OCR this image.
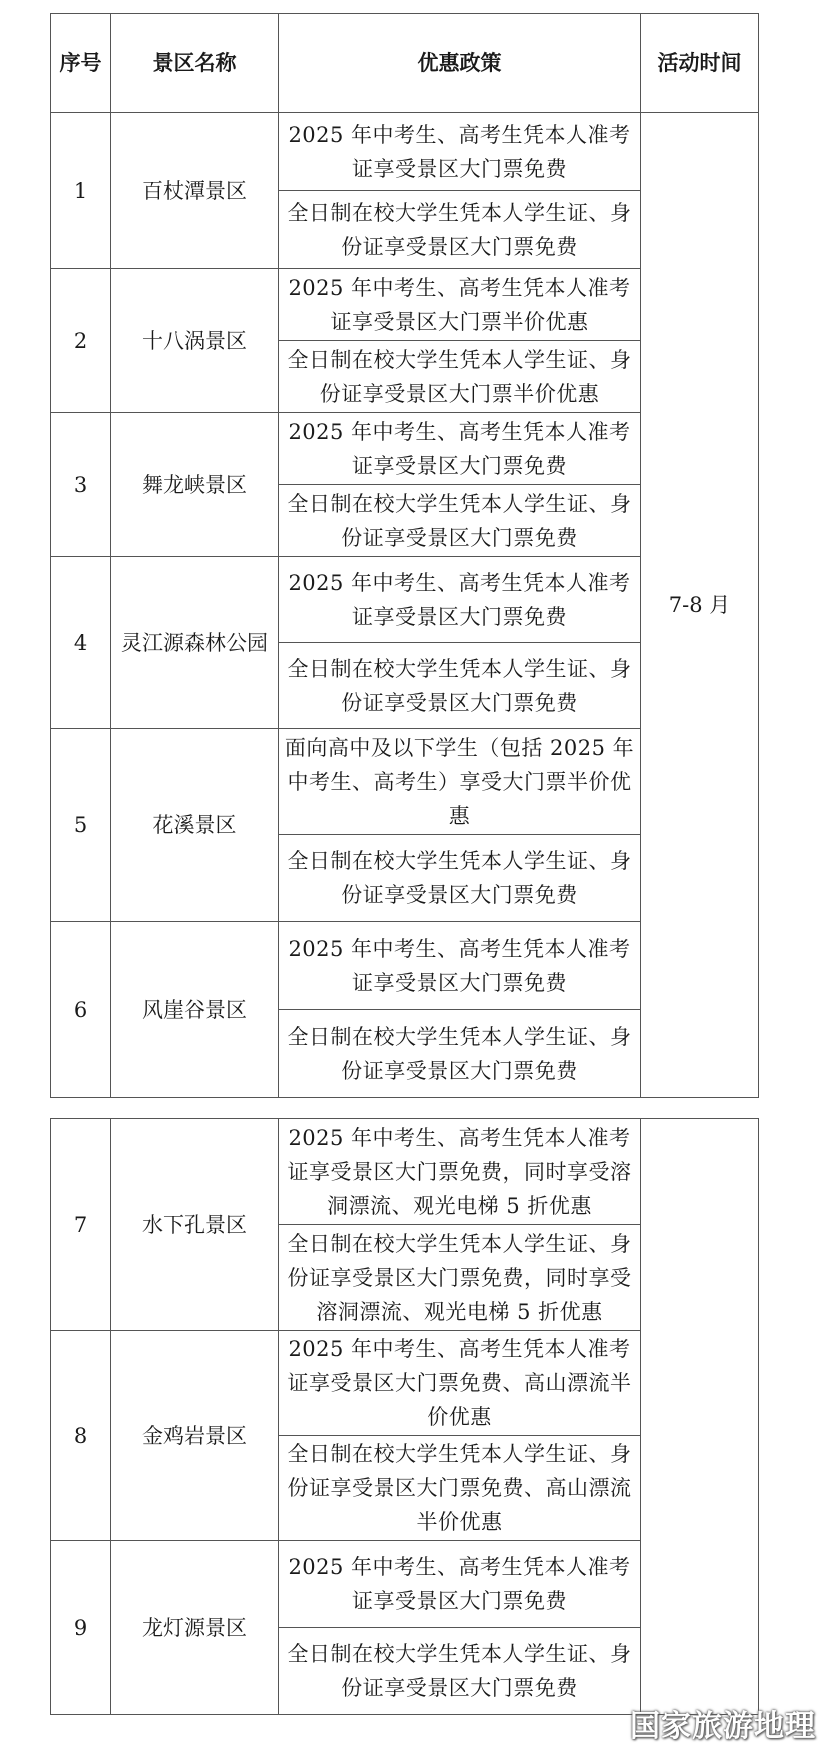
序号	景区名称	优惠政策	活动时间
1	百杖潭景区	2025 年中考生、高考生凭本人准考证享受景区大门票免费	7-8 月
		全日制在校大学生凭本人学生证、身份证享受景区大门票免费	
2	十八涡景区	2025 年中考生、高考生凭本人准考证享受景区大门票半价优惠	
		全日制在校大学生凭本人学生证、身份证享受景区大门票半价优惠	
3	舞龙峡景区	2025 年中考生、高考生凭本人准考证享受景区大门票免费	
		全日制在校大学生凭本人学生证、身份证享受景区大门票免费	
4	灵江源森林公园	2025 年中考生、高考生凭本人准考证享受景区大门票免费	
		全日制在校大学生凭本人学生证、身份证享受景区大门票免费	
5	花溪景区	面向高中及以下学生（包括 2025 年中考生、高考生）享受大门票半价优惠	
		全日制在校大学生凭本人学生证、身份证享受景区大门票免费	
6	风崖谷景区	2025 年中考生、高考生凭本人准考证享受景区大门票免费	
		全日制在校大学生凭本人学生证、身份证享受景区大门票免费	
7	水下孔景区	2025 年中考生、高考生凭本人准考证享受景区大门票免费，同时享受溶洞漂流、观光电梯 5 折优惠	
		全日制在校大学生凭本人学生证、身份证享受景区大门票免费，同时享受溶洞漂流、观光电梯 5 折优惠	
8	金鸡岩景区	2025 年中考生、高考生凭本人准考证享受景区大门票免费、高山漂流半价优惠	
		全日制在校大学生凭本人学生证、身份证享受景区大门票免费、高山漂流半价优惠	
9	龙灯源景区	2025 年中考生、高考生凭本人准考证享受景区大门票免费	
		全日制在校大学生凭本人学生证、身份证享受景区大门票免费	
国家旅游地理
